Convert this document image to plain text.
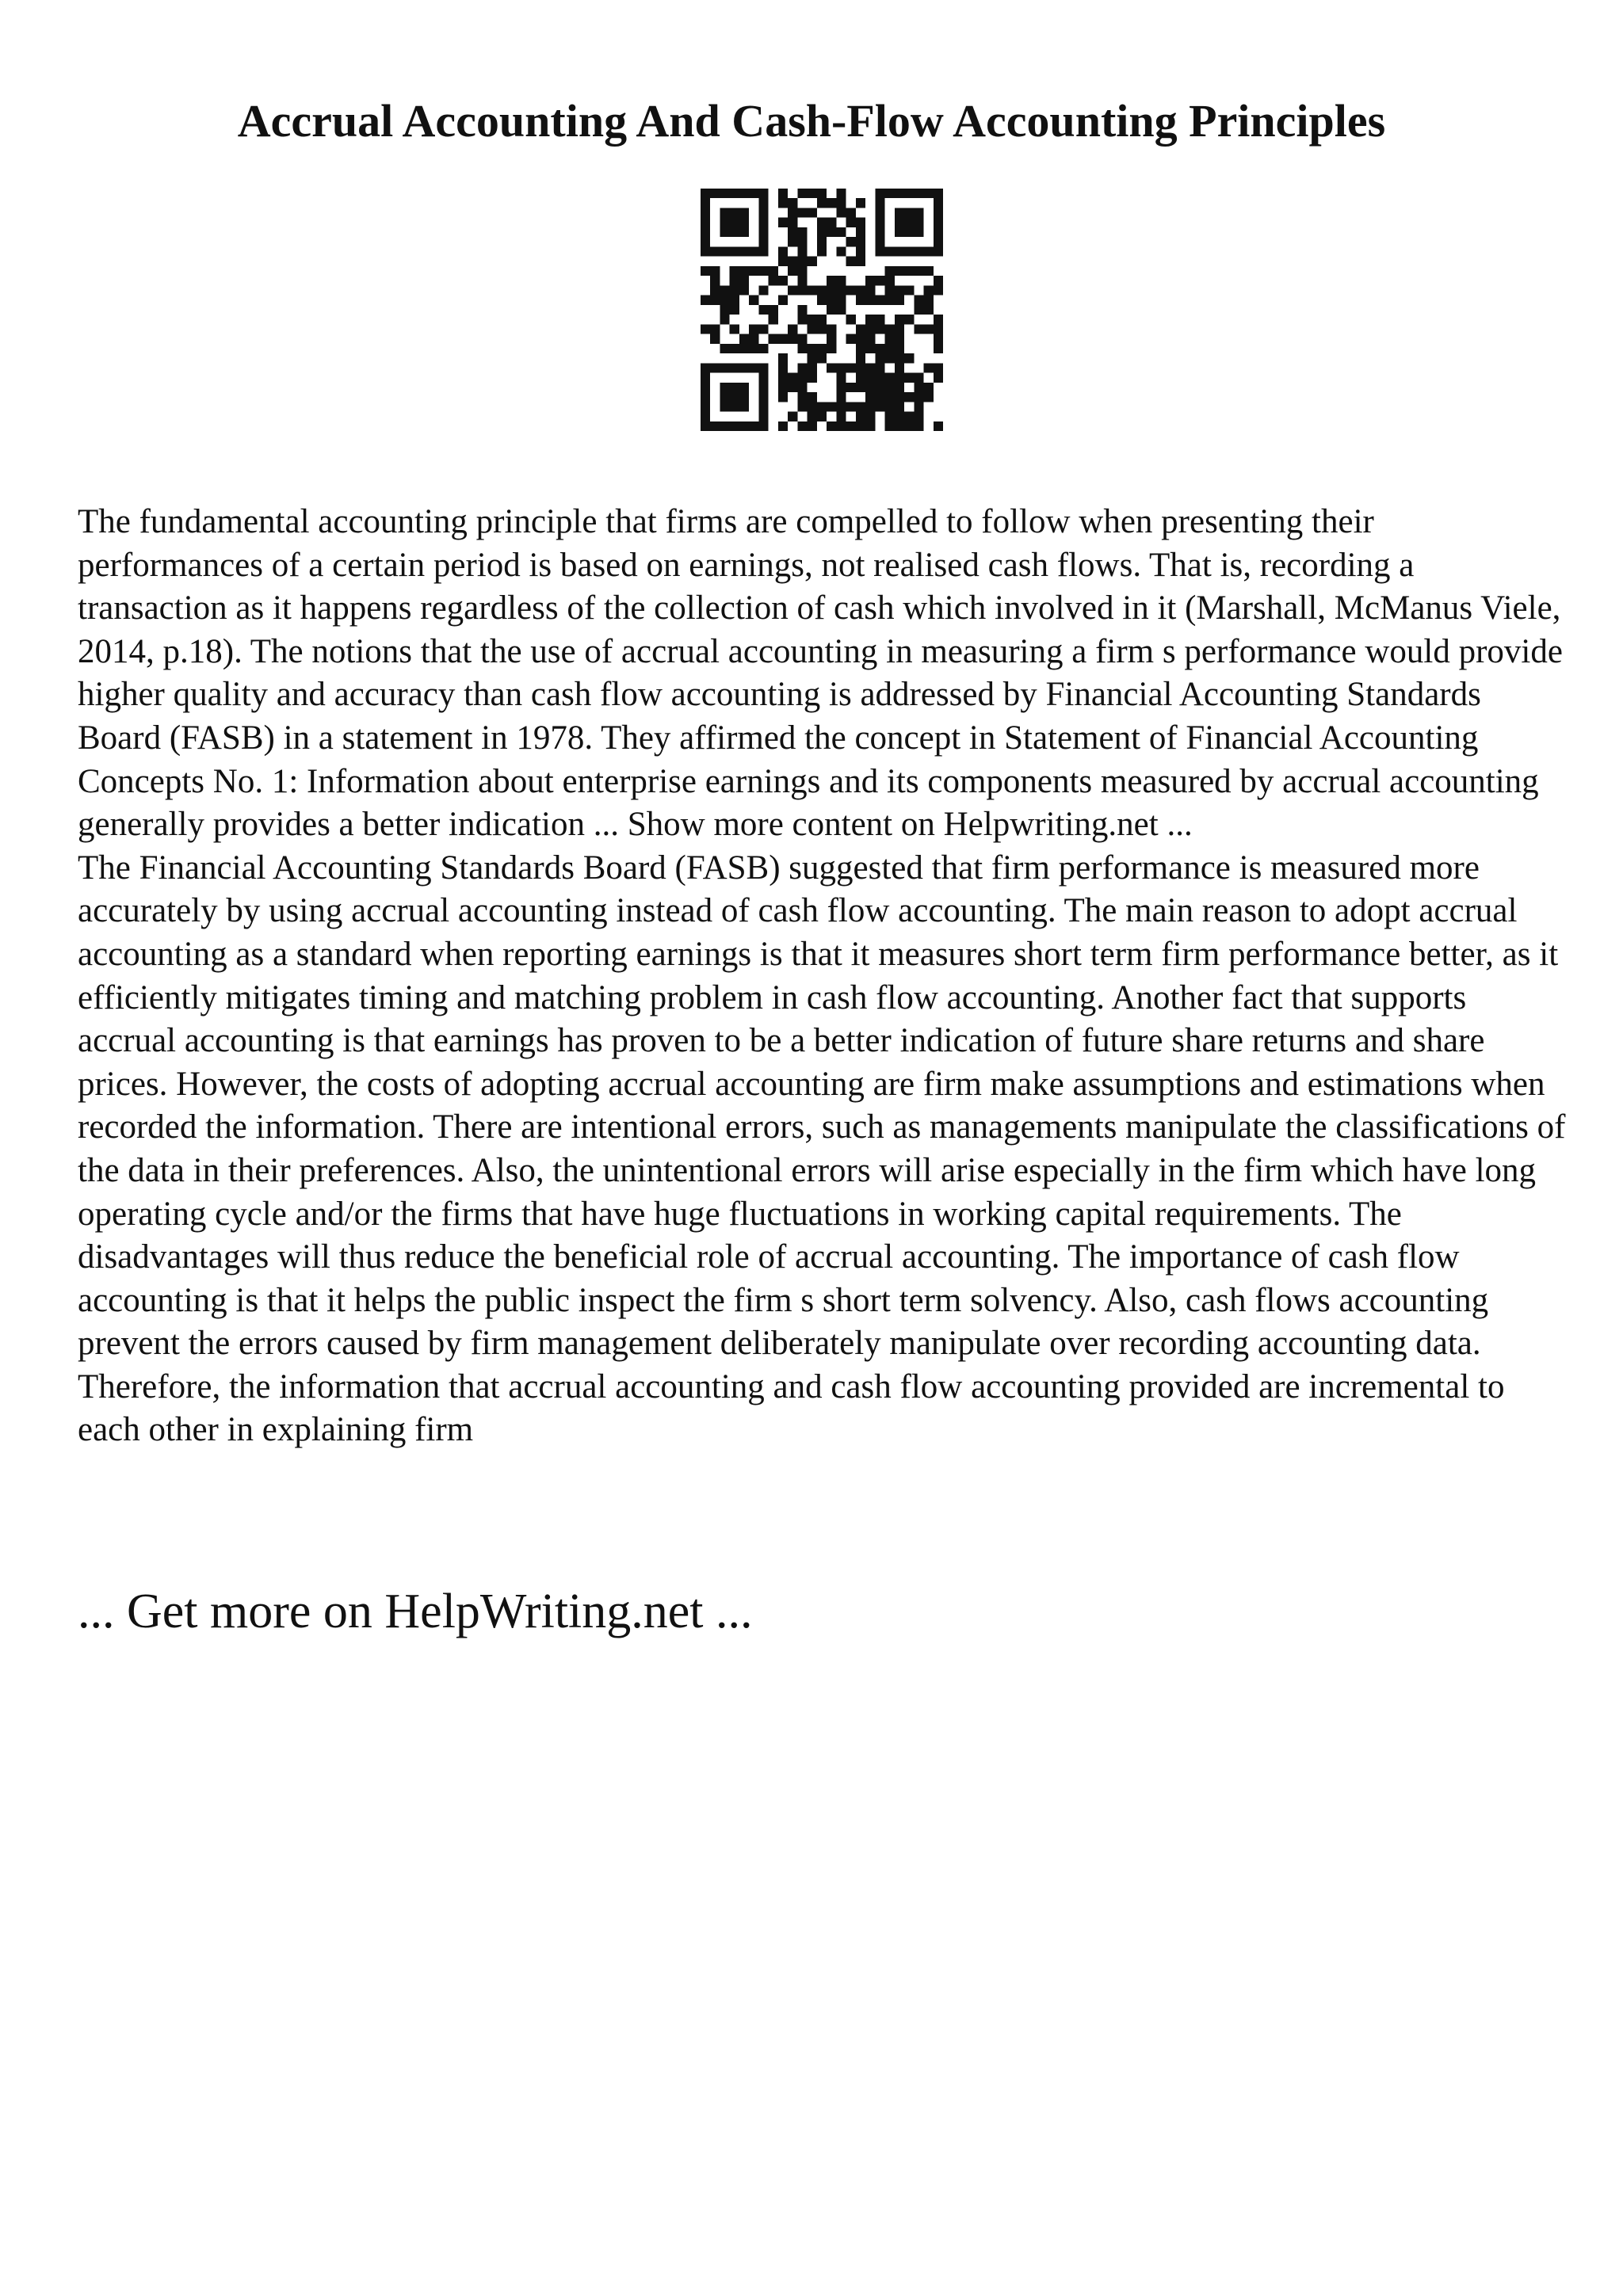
Accrual Accounting And Cash-Flow Accounting Principles

The fundamental accounting principle that firms are compelled to follow when presenting their performances of a certain period is based on earnings, not realised cash flows. That is, recording a transaction as it happens regardless of the collection of cash which involved in it (Marshall, McManus Viele, 2014, p.18). The notions that the use of accrual accounting in measuring a firm s performance would provide higher quality and accuracy than cash flow accounting is addressed by Financial Accounting Standards Board (FASB) in a statement in 1978. They affirmed the concept in Statement of Financial Accounting Concepts No. 1: Information about enterprise earnings and its components measured by accrual accounting generally provides a better indication ... Show more content on Helpwriting.net ...

The Financial Accounting Standards Board (FASB) suggested that firm performance is measured more accurately by using accrual accounting instead of cash flow accounting. The main reason to adopt accrual accounting as a standard when reporting earnings is that it measures short term firm performance better, as it efficiently mitigates timing and matching problem in cash flow accounting. Another fact that supports accrual accounting is that earnings has proven to be a better indication of future share returns and share prices. However, the costs of adopting accrual accounting are firm make assumptions and estimations when recorded the information. There are intentional errors, such as managements manipulate the classifications of the data in their preferences. Also, the unintentional errors will arise especially in the firm which have long operating cycle and/or the firms that have huge fluctuations in working capital requirements. The disadvantages will thus reduce the beneficial role of accrual accounting. The importance of cash flow accounting is that it helps the public inspect the firm s short term solvency. Also, cash flows accounting prevent the errors caused by firm management deliberately manipulate over recording accounting data. Therefore, the information that accrual accounting and cash flow accounting provided are incremental to each other in explaining firm

... Get more on HelpWriting.net ...
